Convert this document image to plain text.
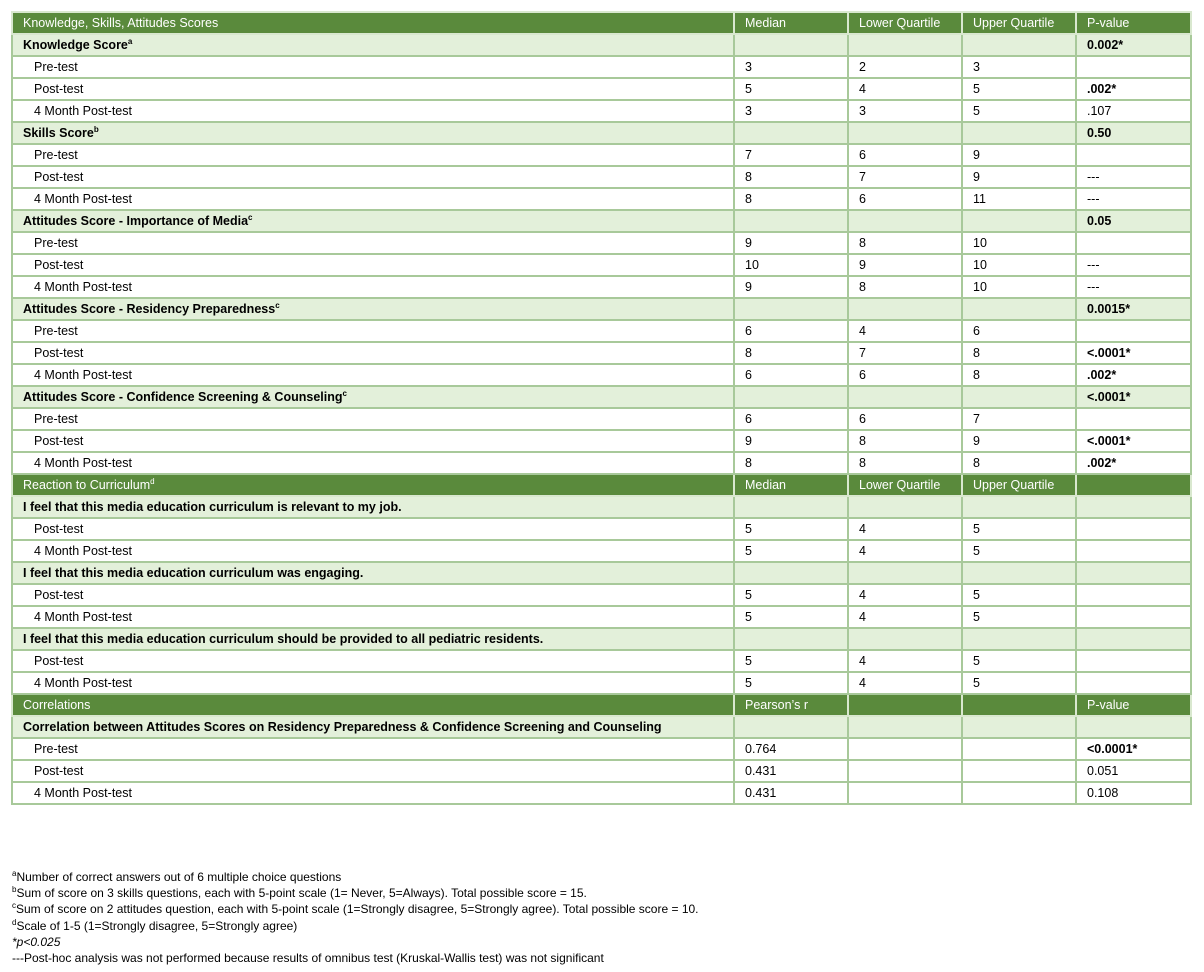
Knowledge, Skills, Attitudes Scores	Median	Lower Quartile	Upper Quartile	P-value
Knowledge Score$^a$				0.002*
Pre-test	3	2	3	
Post-test	5	4	5	.002*
4 Month Post-test	3	3	5	.107
Skills Score$^b$				0.50
Pre-test	7	6	9	
Post-test	8	7	9	---
4 Month Post-test	8	6	11	---
Attitudes Score - Importance of Media$^c$				0.05
Pre-test	9	8	10	
Post-test	10	9	10	---
4 Month Post-test	9	8	10	---
Attitudes Score - Residency Preparedness$^c$				0.0015*
Pre-test	6	4	6	
Post-test	8	7	8	<.0001*
4 Month Post-test	6	6	8	.002*
Attitudes Score - Confidence Screening & Counseling$^c$				<.0001*
Pre-test	6	6	7	
Post-test	9	8	9	<.0001*
4 Month Post-test	8	8	8	.002*
Reaction to Curriculum$^d$	Median	Lower Quartile	Upper Quartile	
I feel that this media education curriculum is relevant to my job.				
Post-test	5	4	5	
4 Month Post-test	5	4	5	
I feel that this media education curriculum was engaging.				
Post-test	5	4	5	
4 Month Post-test	5	4	5	
I feel that this media education curriculum should be provided to all pediatric residents.				
Post-test	5	4	5	
4 Month Post-test	5	4	5	
Correlations	Pearson’s r			P-value
Correlation between Attitudes Scores on Residency Preparedness & Confidence Screening and Counseling				
Pre-test	0.764			<0.0001*
Post-test	0.431			0.051
4 Month Post-test	0.431			0.108
$^a$Number of correct answers out of 6 multiple choice questions
$^b$Sum of score on 3 skills questions, each with 5-point scale (1= Never, 5=Always). Total possible score = 15.
$^c$Sum of score on 2 attitudes question, each with 5-point scale (1=Strongly disagree, 5=Strongly agree). Total possible score = 10.
$^d$Scale of 1-5 (1=Strongly disagree, 5=Strongly agree)
*p<0.025
---Post-hoc analysis was not performed because results of omnibus test (Kruskal-Wallis test) was not significant
